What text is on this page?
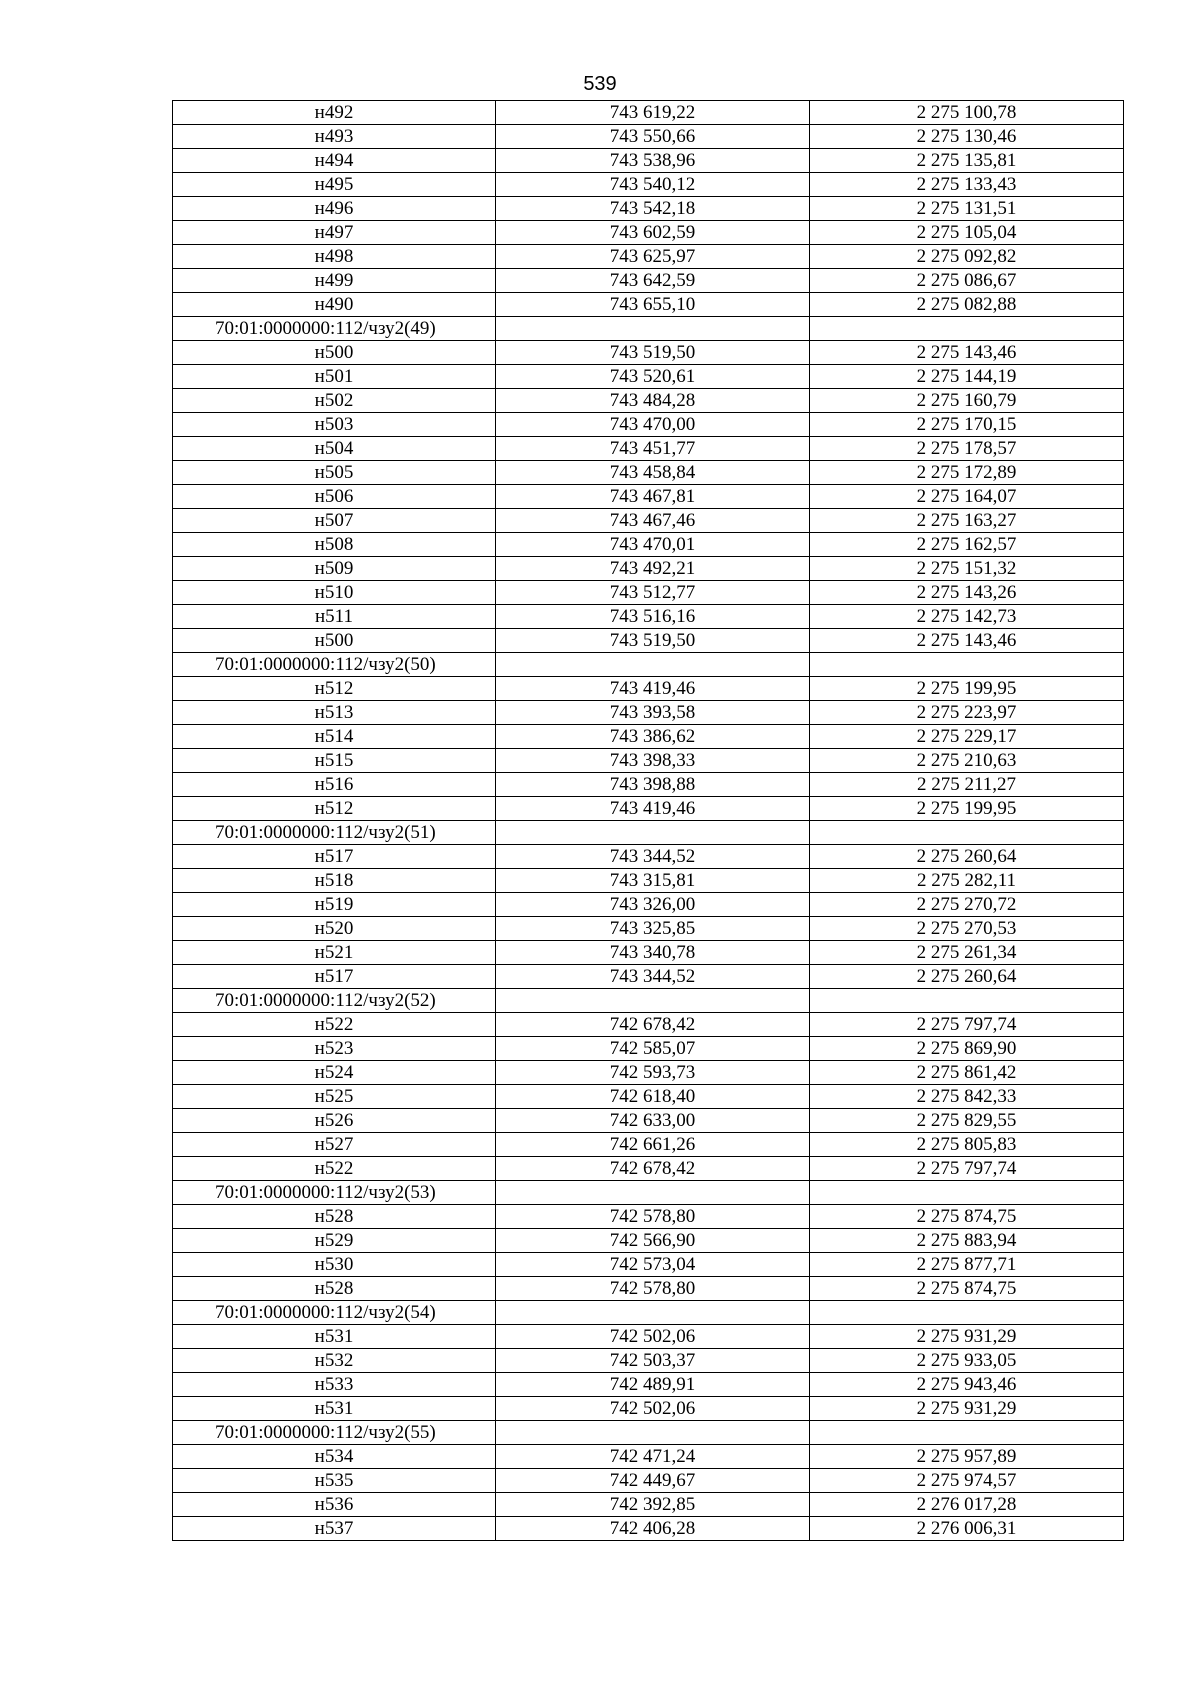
539
н492	743 619,22	2 275 100,78
н493	743 550,66	2 275 130,46
н494	743 538,96	2 275 135,81
н495	743 540,12	2 275 133,43
н496	743 542,18	2 275 131,51
н497	743 602,59	2 275 105,04
н498	743 625,97	2 275 092,82
н499	743 642,59	2 275 086,67
н490	743 655,10	2 275 082,88
70:01:0000000:112/чзу2(49)		
н500	743 519,50	2 275 143,46
н501	743 520,61	2 275 144,19
н502	743 484,28	2 275 160,79
н503	743 470,00	2 275 170,15
н504	743 451,77	2 275 178,57
н505	743 458,84	2 275 172,89
н506	743 467,81	2 275 164,07
н507	743 467,46	2 275 163,27
н508	743 470,01	2 275 162,57
н509	743 492,21	2 275 151,32
н510	743 512,77	2 275 143,26
н511	743 516,16	2 275 142,73
н500	743 519,50	2 275 143,46
70:01:0000000:112/чзу2(50)		
н512	743 419,46	2 275 199,95
н513	743 393,58	2 275 223,97
н514	743 386,62	2 275 229,17
н515	743 398,33	2 275 210,63
н516	743 398,88	2 275 211,27
н512	743 419,46	2 275 199,95
70:01:0000000:112/чзу2(51)		
н517	743 344,52	2 275 260,64
н518	743 315,81	2 275 282,11
н519	743 326,00	2 275 270,72
н520	743 325,85	2 275 270,53
н521	743 340,78	2 275 261,34
н517	743 344,52	2 275 260,64
70:01:0000000:112/чзу2(52)		
н522	742 678,42	2 275 797,74
н523	742 585,07	2 275 869,90
н524	742 593,73	2 275 861,42
н525	742 618,40	2 275 842,33
н526	742 633,00	2 275 829,55
н527	742 661,26	2 275 805,83
н522	742 678,42	2 275 797,74
70:01:0000000:112/чзу2(53)		
н528	742 578,80	2 275 874,75
н529	742 566,90	2 275 883,94
н530	742 573,04	2 275 877,71
н528	742 578,80	2 275 874,75
70:01:0000000:112/чзу2(54)		
н531	742 502,06	2 275 931,29
н532	742 503,37	2 275 933,05
н533	742 489,91	2 275 943,46
н531	742 502,06	2 275 931,29
70:01:0000000:112/чзу2(55)		
н534	742 471,24	2 275 957,89
н535	742 449,67	2 275 974,57
н536	742 392,85	2 276 017,28
н537	742 406,28	2 276 006,31
